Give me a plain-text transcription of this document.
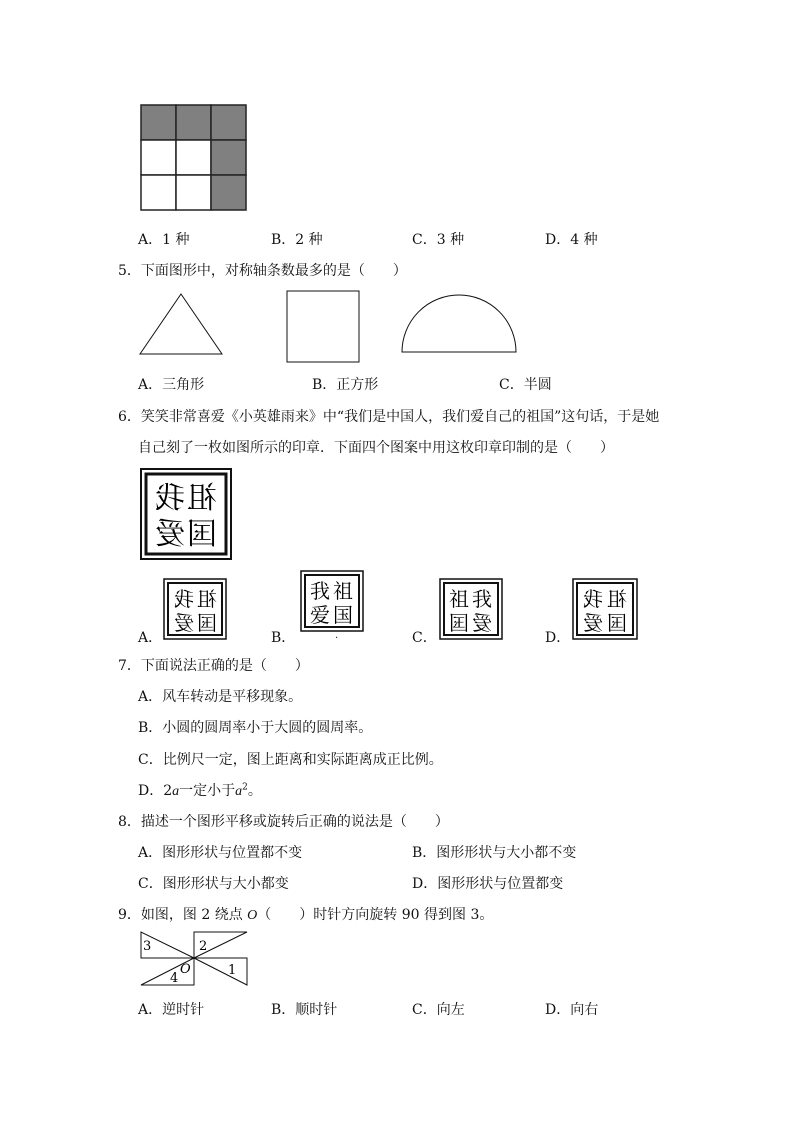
A．1 种	B．2 种	C．3 种	D．4 种
5．下面图形中，对称轴条数最多的是（　　）
A．三角形	B．正方形	C．半圆
6．笑笑非常喜爱《小英雄雨来》中“我们是中国人，我们爱自己的祖国”这句话，于是她
自己刻了一枚如图所示的印章．下面四个图案中用这枚印章印制的是（　　）
祖
我
国
爱
A．
祖
我
国
爱
B．
我 祖
爱 国
.	C．
祖 我
国 爱
D．
祖
我
国
爱
7．下面说法正确的是（　　）
A．风车转动是平移现象。
B．小圆的圆周率小于大圆的圆周率。
C．比例尺一定，图上距离和实际距离成正比例。
D．2a一定小于$a^2$。
8．描述一个图形平移或旋转后正确的说法是（　　）
A．图形形状与位置都不变	B．图形形状与大小都不变
C．图形形状与大小都变	D．图形形状与位置都变
9．如图，图 2 绕点 O（　　）时针方向旋转 90 得到图 3。
3	2
O
4
1
A．逆时针	B．顺时针	C．向左	D．向右
